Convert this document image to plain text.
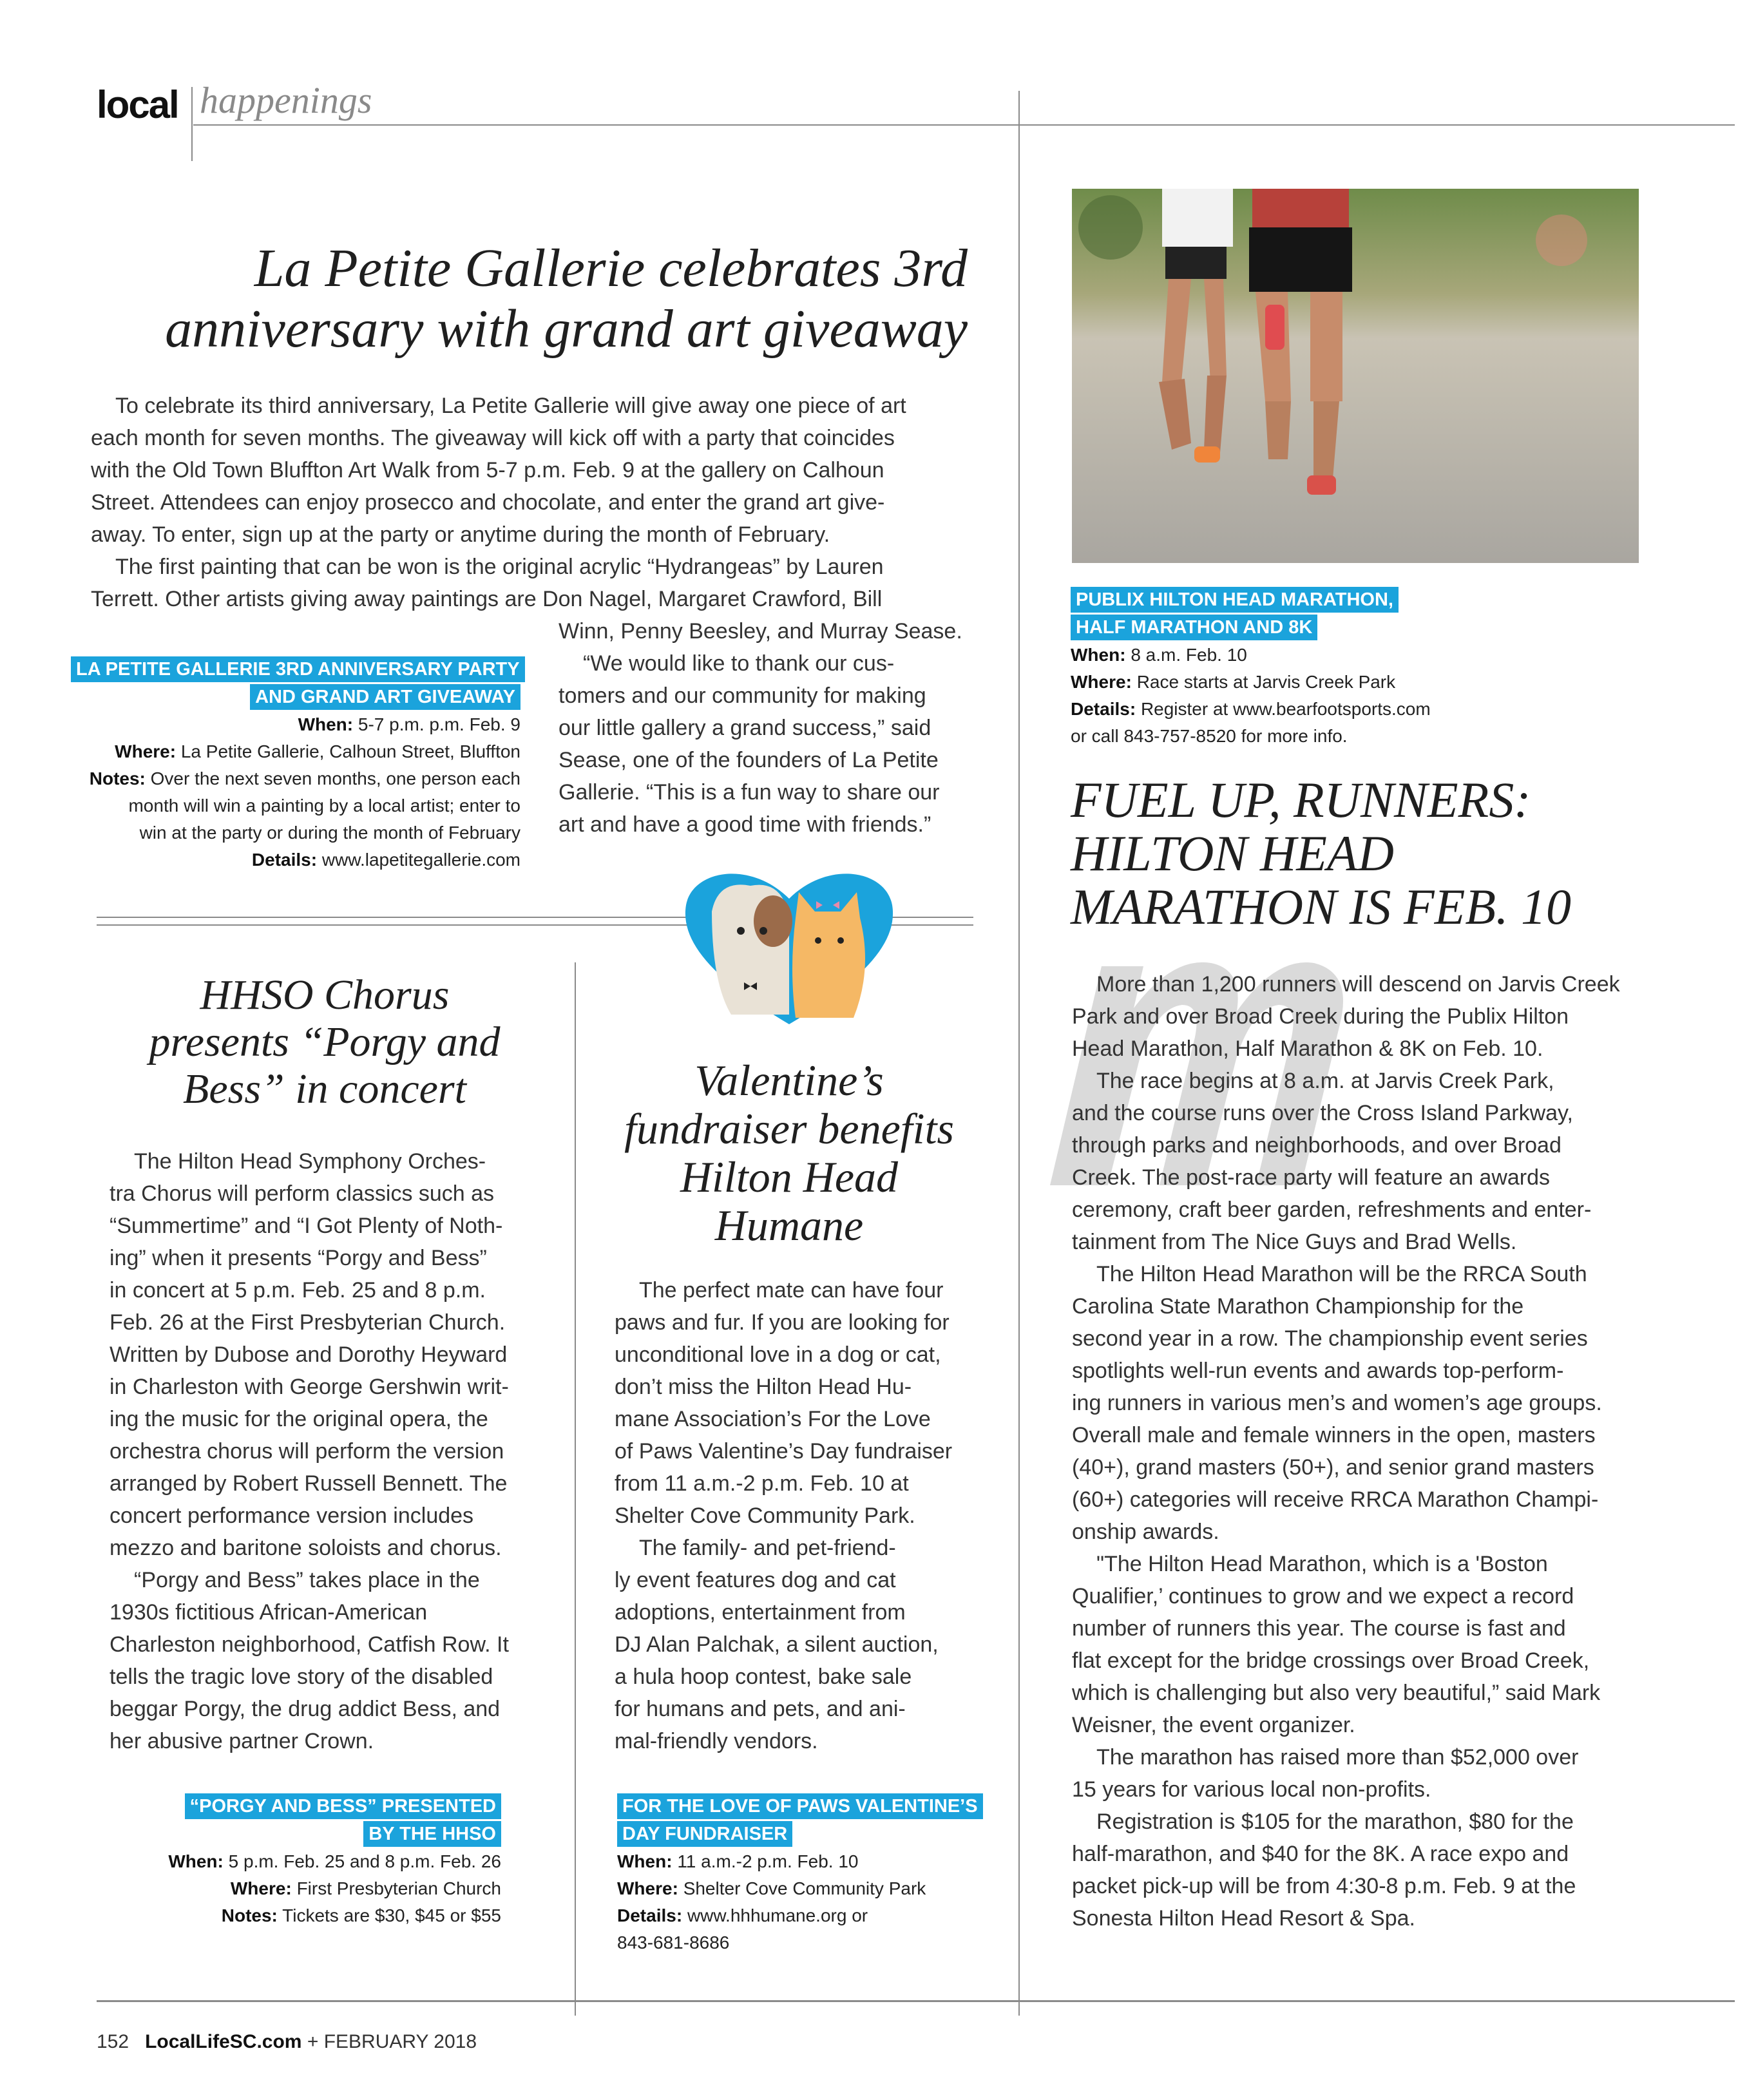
local happenings
La Petite Gallerie celebrates 3rd
anniversary with grand art giveaway
To celebrate its third anniversary, La Petite Gallerie will give away one piece of art
each month for seven months. The giveaway will kick off with a party that coincides
with the Old Town Bluffton Art Walk from 5-7 p.m. Feb. 9 at the gallery on Calhoun
Street. Attendees can enjoy prosecco and chocolate, and enter the grand art give-
away. To enter, sign up at the party or anytime during the month of February.
The first painting that can be won is the original acrylic “Hydrangeas” by Lauren
Terrett. Other artists giving away paintings are Don Nagel, Margaret Crawford, Bill
Winn, Penny Beesley, and Murray Sease.
“We would like to thank our cus-
tomers and our community for making
our little gallery a grand success,” said
Sease, one of the founders of La Petite
Gallerie. “This is a fun way to share our
art and have a good time with friends.”
LA PETITE GALLERIE 3RD ANNIVERSARY PARTY
AND GRAND ART GIVEAWAY
When: 5-7 p.m. p.m. Feb. 9
Where: La Petite Gallerie, Calhoun Street, Bluffton
Notes: Over the next seven months, one person each
month will win a painting by a local artist; enter to
win at the party or during the month of February
Details: www.lapetitegallerie.com
HHSO Chorus
presents “Porgy and
Bess” in concert
The Hilton Head Symphony Orches-
tra Chorus will perform classics such as
“Summertime” and “I Got Plenty of Noth-
ing” when it presents “Porgy and Bess”
in concert at 5 p.m. Feb. 25 and 8 p.m.
Feb. 26 at the First Presbyterian Church.
Written by Dubose and Dorothy Heyward
in Charleston with George Gershwin writ-
ing the music for the original opera, the
orchestra chorus will perform the version
arranged by Robert Russell Bennett. The
concert performance version includes
mezzo and baritone soloists and chorus.
“Porgy and Bess” takes place in the
1930s fictitious African-American
Charleston neighborhood, Catfish Row. It
tells the tragic love story of the disabled
beggar Porgy, the drug addict Bess, and
her abusive partner Crown.
“PORGY AND BESS” PRESENTED
BY THE HHSO
When: 5 p.m. Feb. 25 and 8 p.m. Feb. 26
Where: First Presbyterian Church
Notes: Tickets are $30, $45 or $55
Valentine’s
fundraiser benefits
Hilton Head
Humane
The perfect mate can have four
paws and fur. If you are looking for
unconditional love in a dog or cat,
don’t miss the Hilton Head Hu-
mane Association’s For the Love
of Paws Valentine’s Day fundraiser
from 11 a.m.-2 p.m. Feb. 10 at
Shelter Cove Community Park.
The family- and pet-friend-
ly event features dog and cat
adoptions, entertainment from
DJ Alan Palchak, a silent auction,
a hula hoop contest, bake sale
for humans and pets, and ani-
mal-friendly vendors.
FOR THE LOVE OF PAWS VALENTINE’S
DAY FUNDRAISER
When: 11 a.m.-2 p.m. Feb. 10
Where: Shelter Cove Community Park
Details: www.hhhumane.org or
843-681-8686
PUBLIX HILTON HEAD MARATHON,
HALF MARATHON AND 8K
When: 8 a.m. Feb. 10
Where: Race starts at Jarvis Creek Park
Details: Register at www.bearfootsports.com
or call 843-757-8520 for more info.
FUEL UP, RUNNERS:
HILTON HEAD
MARATHON IS FEB. 10
More than 1,200 runners will descend on Jarvis Creek
Park and over Broad Creek during the Publix Hilton
Head Marathon, Half Marathon & 8K on Feb. 10.
The race begins at 8 a.m. at Jarvis Creek Park,
and the course runs over the Cross Island Parkway,
through parks and neighborhoods, and over Broad
Creek. The post-race party will feature an awards
ceremony, craft beer garden, refreshments and enter-
tainment from The Nice Guys and Brad Wells.
The Hilton Head Marathon will be the RRCA South
Carolina State Marathon Championship for the
second year in a row. The championship event series
spotlights well-run events and awards top-perform-
ing runners in various men’s and women’s age groups.
Overall male and female winners in the open, masters
(40+), grand masters (50+), and senior grand masters
(60+) categories will receive RRCA Marathon Champi-
onship awards.
"The Hilton Head Marathon, which is a 'Boston
Qualifier,’ continues to grow and we expect a record
number of runners this year. The course is fast and
flat except for the bridge crossings over Broad Creek,
which is challenging but also very beautiful,” said Mark
Weisner, the event organizer.
The marathon has raised more than $52,000 over
15 years for various local non-profits.
Registration is $105 for the marathon, $80 for the
half-marathon, and $40 for the 8K. A race expo and
packet pick-up will be from 4:30-8 p.m. Feb. 9 at the
Sonesta Hilton Head Resort & Spa.
152 LocalLifeSC.com + FEBRUARY 2018
